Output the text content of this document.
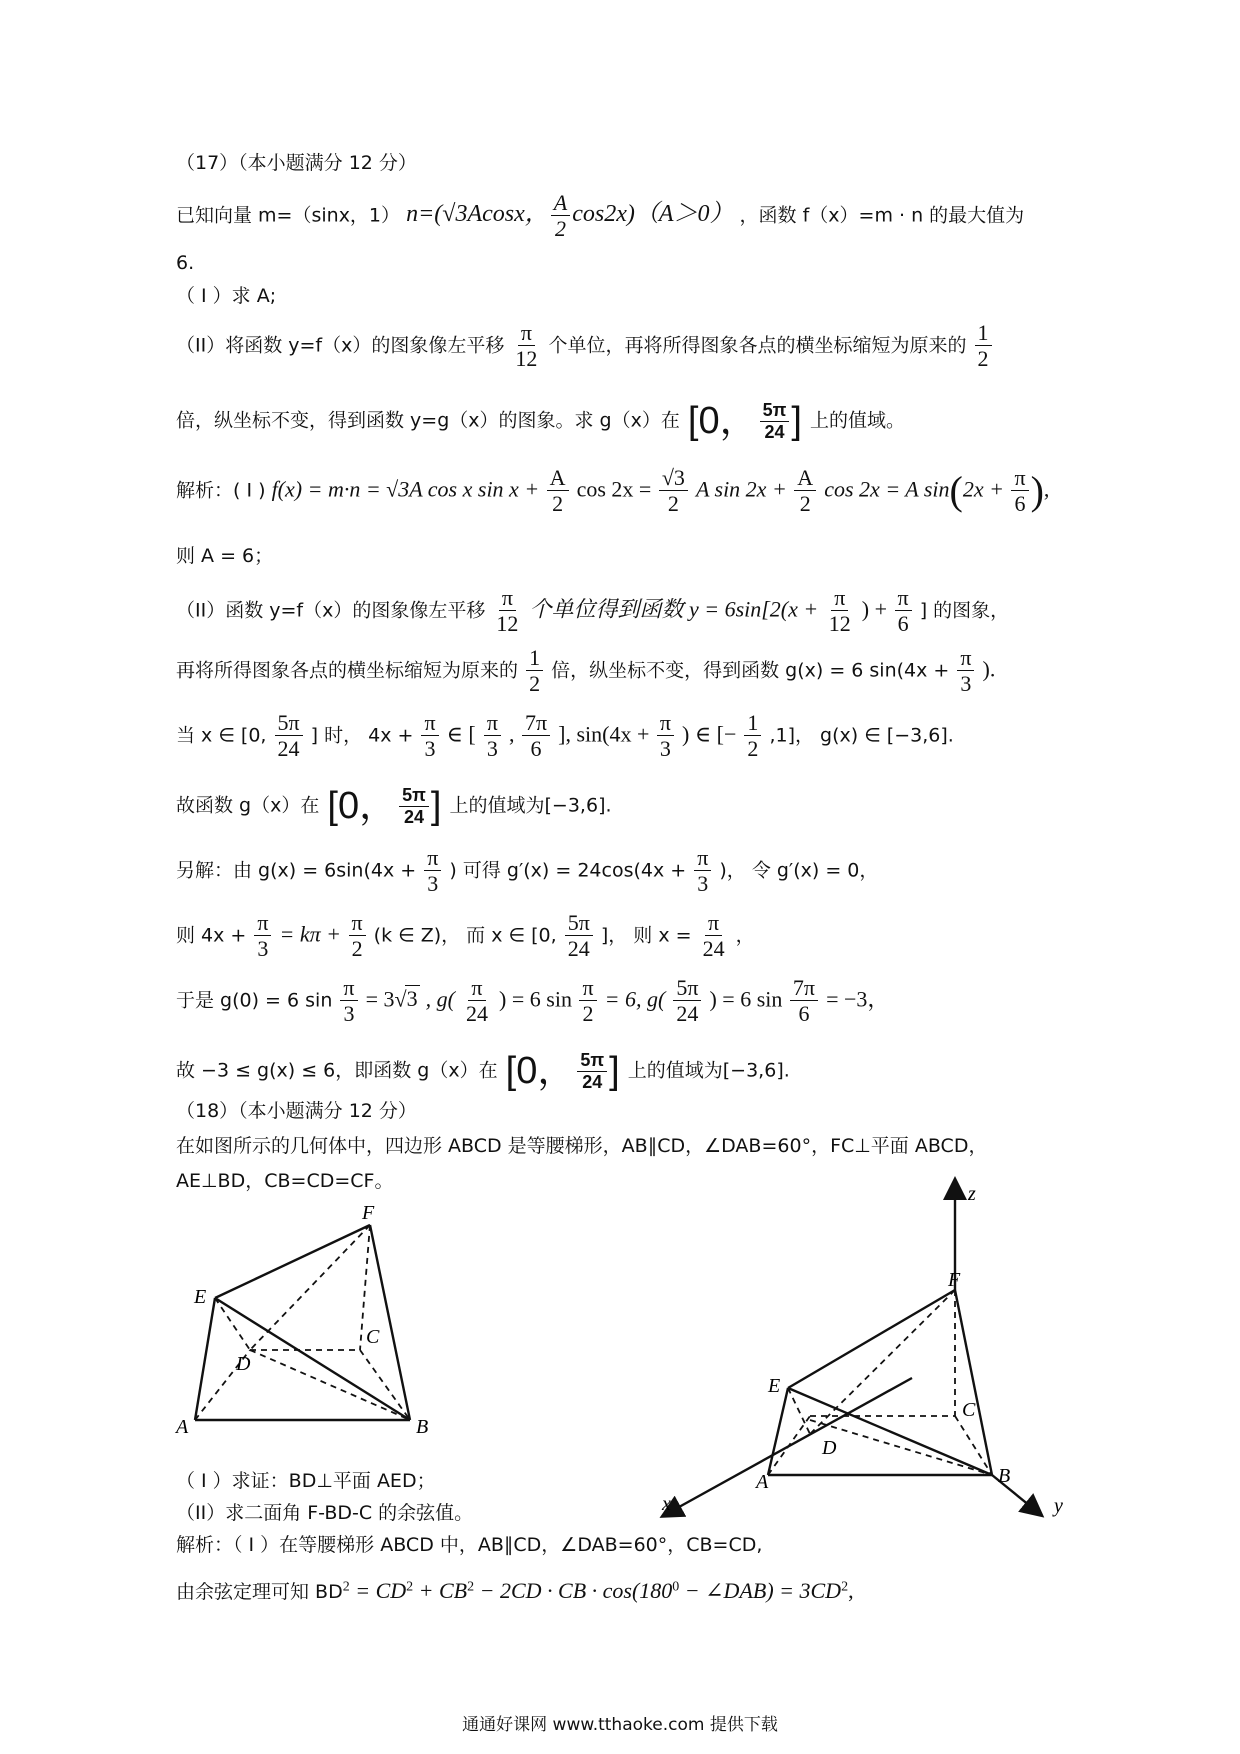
（17）（本小题满分 12 分）
已知向量 m=（sinx，1） n=(√3Acosx， $\frac{A}{2} \cos 2x)(A>0)$ ，函数 f（x）=m · n 的最大值为
6.
（ I ）求 A;
（II）将函数 y=f（x）的图象像左平移 $\frac{\pi}{12}$ 个单位，再将所得图象各点的横坐标缩短为原来的 $\frac{1}{2}$
倍，纵坐标不变，得到函数 y=g（x）的图象。求 g（x）在 [0， $\frac{5\pi}{24}$ ] 上的值域。
解析：( I ) f(x) = m·n = √3A cos x $\sin x + \frac{A}{2}$ $\cos 2x = \frac{√3}{2}$ A $\sin 2x + \frac{A}{2}$ cos 2x = A $\sin(2x + \frac{\pi}{6}$ ),
则 A = 6；
（II）函数 y=f（x）的图象像左平移 $\frac{\pi}{12}$ 个单位得到函数 $y = 6\sin[2(x + \frac{\pi}{12}$ ) + $\frac{\pi}{6}$ ] 的图象，
再将所得图象各点的横坐标缩短为原来的 $\frac{1}{2}$ 倍，纵坐标不变，得到函数 g(x) = 6 $\sin(4x + \frac{\pi}{3}$ ).
当 x ∈ [0, $\frac{5\pi}{24}$ ] 时， $4x + \frac{\pi}{3}$ ∈ [ $\frac{\pi}{3}$ , $\frac{7\pi}{6}$ ], $\sin(4x + \frac{\pi}{3}$ ) ∈ [− $\frac{1}{2} ,1$]， g(x) ∈ [−3,6].
故函数 g（x）在 [0， $\frac{5\pi}{24}$ ] 上的值域为[−3,6].
另解：由 $g(x) = 6\sin(4x + \frac{\pi}{3}$ ) 可得 $g'(x) = 24\cos(4x + \frac{\pi}{3}$ )， 令 g′(x) = 0，
则 $4x + \frac{\pi}{3} = k\pi + \frac{\pi}{2} (k$ ∈ Z)， 而 x ∈ [0, $\frac{5\pi}{24}$ ]， 则 $x = \frac{\pi}{24}$ ，
于是 g(0) = 6 $\sin \frac{\pi}{3} = 3√3$ , $g( \frac{\pi}{24}$ ) = 6 $\sin \frac{\pi}{2} = 6$, $g( \frac{5\pi}{24}$ ) = 6 $\sin \frac{7\pi}{6} = -3$，
故 −3 ≤ g(x) ≤ 6，即函数 g（x）在 [0， $\frac{5\pi}{24}$ ] 上的值域为[−3,6].
（18）（本小题满分 12 分）
在如图所示的几何体中，四边形 ABCD 是等腰梯形，AB∥CD，∠DAB=60°，FC⊥平面 ABCD，
AE⊥BD，CB=CD=CF。
F
E
C
D
A	B
z
F
E
C
D
A	B
x	y
（ I ）求证：BD⊥平面 AED；
（II）求二面角 F-BD-C 的余弦值。
解析：（ I ）在等腰梯形 ABCD 中，AB∥CD，∠DAB=60°，CB=CD,
由余弦定理可知 $BD^2 = CD^2 + CB^2 - 2CD$ · CB · $\cos(180^0$ − ∠DAB) = $3CD^2$,
通通好课网 www.tthaoke.com 提供下载
